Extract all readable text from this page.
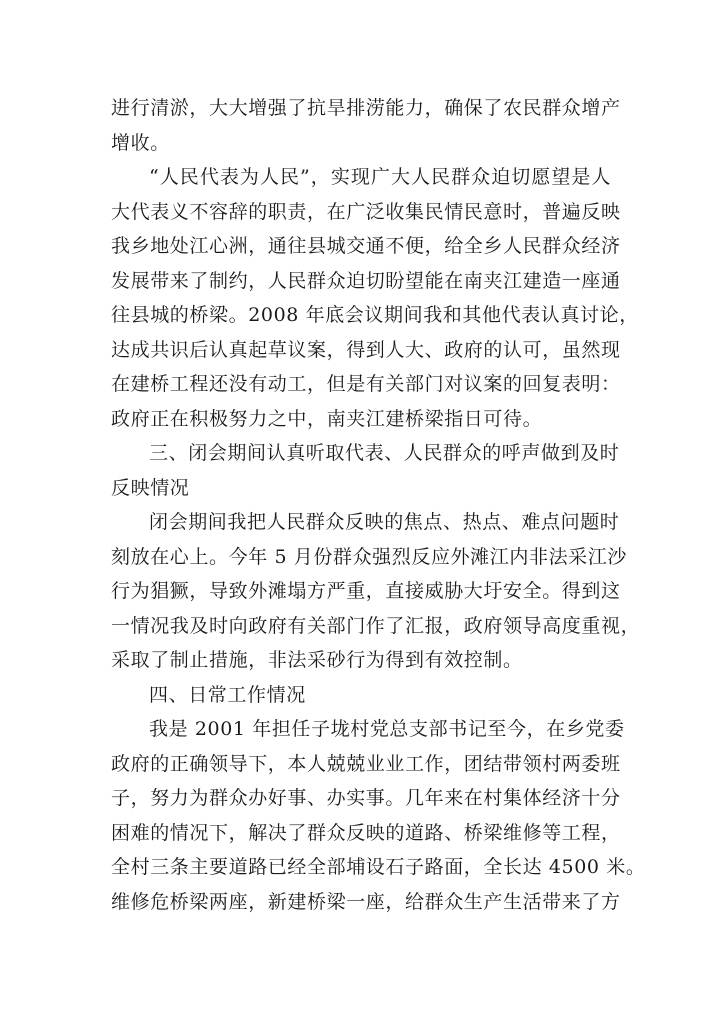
进行清淤，大大增强了抗旱排涝能力，确保了农民群众增产
增收。
“人民代表为人民”，实现广大人民群众迫切愿望是人
大代表义不容辞的职责，在广泛收集民情民意时，普遍反映
我乡地处江心洲，通往县城交通不便，给全乡人民群众经济
发展带来了制约，人民群众迫切盼望能在南夹江建造一座通
往县城的桥梁。2008 年底会议期间我和其他代表认真讨论，
达成共识后认真起草议案，得到人大、政府的认可，虽然现
在建桥工程还没有动工，但是有关部门对议案的回复表明：
政府正在积极努力之中，南夹江建桥梁指日可待。
三、闭会期间认真听取代表、人民群众的呼声做到及时
反映情况
闭会期间我把人民群众反映的焦点、热点、难点问题时
刻放在心上。今年 5 月份群众强烈反应外滩江内非法采江沙
行为猖獗，导致外滩塌方严重，直接威胁大圩安全。得到这
一情况我及时向政府有关部门作了汇报，政府领导高度重视，
采取了制止措施，非法采砂行为得到有效控制。
四、日常工作情况
我是 2001 年担任子垅村党总支部书记至今，在乡党委
政府的正确领导下，本人兢兢业业工作，团结带领村两委班
子，努力为群众办好事、办实事。几年来在村集体经济十分
困难的情况下，解决了群众反映的道路、桥梁维修等工程，
全村三条主要道路已经全部埔设石子路面，全长达 4500 米。
维修危桥梁两座，新建桥梁一座，给群众生产生活带来了方
